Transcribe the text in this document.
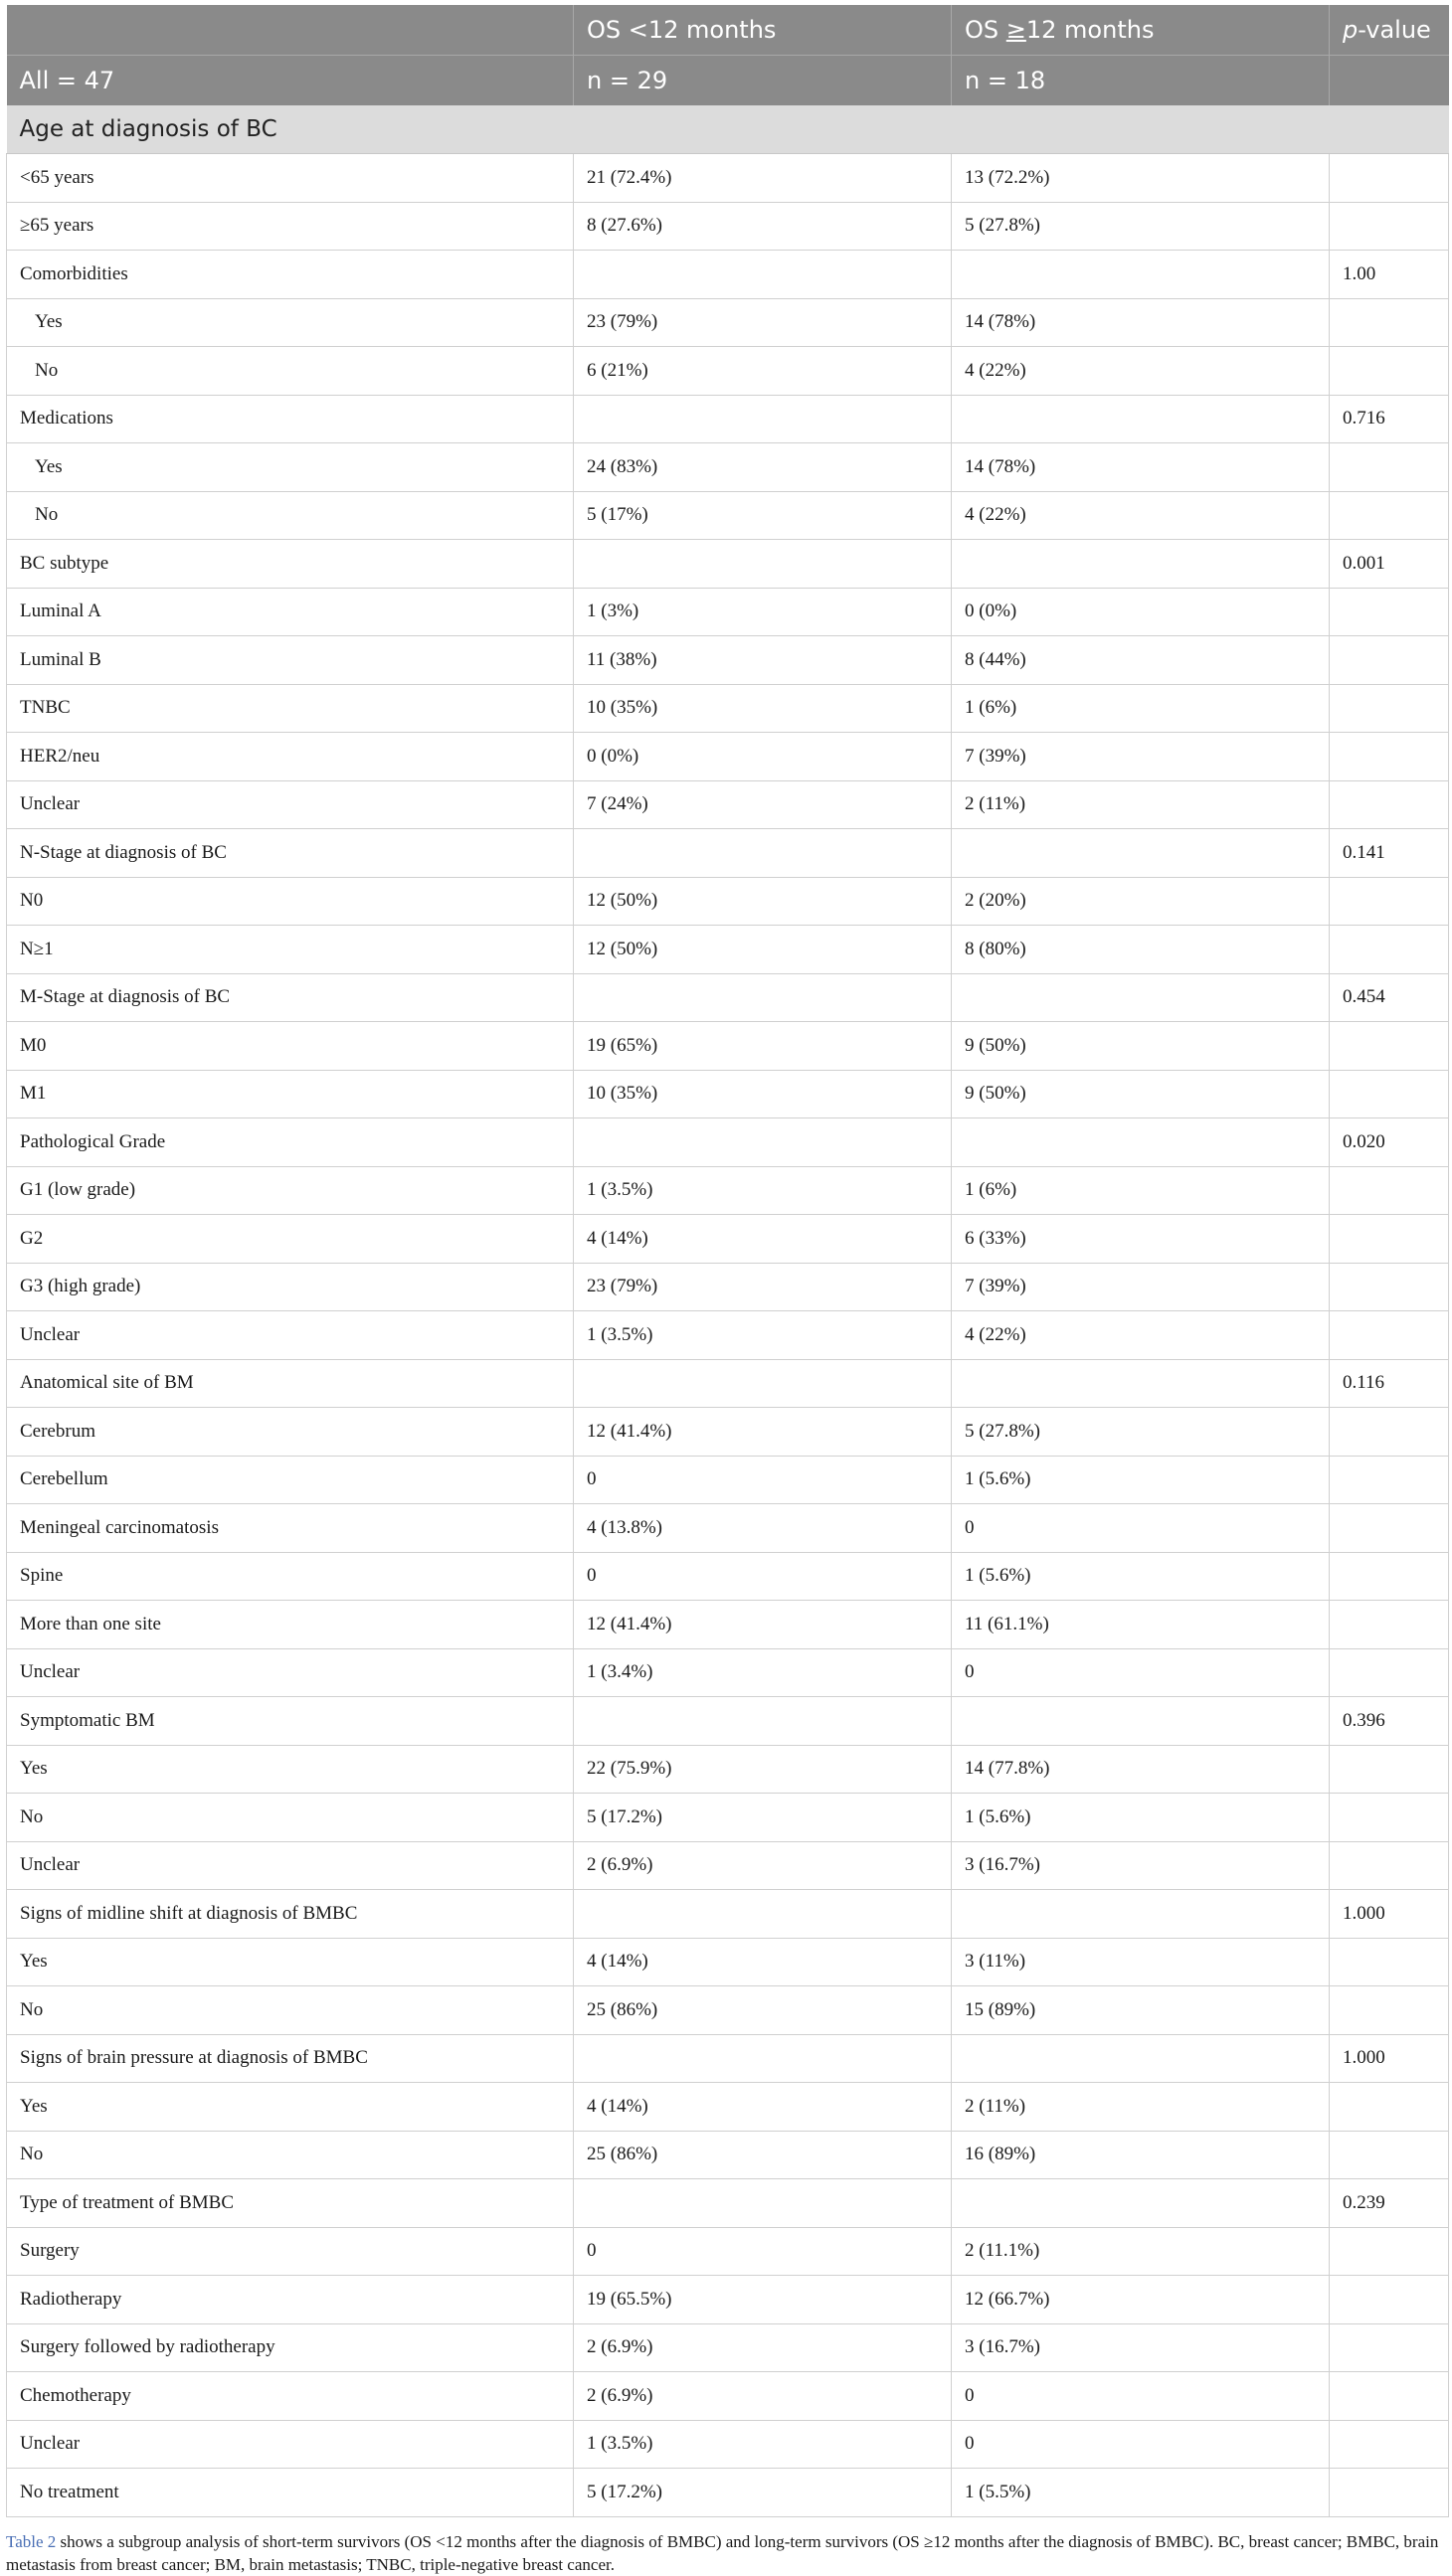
	OS <12 months	OS ≥12 months	p-value
All = 47	n = 29	n = 18	
Age at diagnosis of BC			
<65 years	21 (72.4%)	13 (72.2%)	
≥65 years	8 (27.6%)	5 (27.8%)	
Comorbidities			1.00
Yes	23 (79%)	14 (78%)	
No	6 (21%)	4 (22%)	
Medications			0.716
Yes	24 (83%)	14 (78%)	
No	5 (17%)	4 (22%)	
BC subtype			0.001
Luminal A	1 (3%)	0 (0%)	
Luminal B	11 (38%)	8 (44%)	
TNBC	10 (35%)	1 (6%)	
HER2/neu	0 (0%)	7 (39%)	
Unclear	7 (24%)	2 (11%)	
N-Stage at diagnosis of BC			0.141
N0	12 (50%)	2 (20%)	
N≥1	12 (50%)	8 (80%)	
M-Stage at diagnosis of BC			0.454
M0	19 (65%)	9 (50%)	
M1	10 (35%)	9 (50%)	
Pathological Grade			0.020
G1 (low grade)	1 (3.5%)	1 (6%)	
G2	4 (14%)	6 (33%)	
G3 (high grade)	23 (79%)	7 (39%)	
Unclear	1 (3.5%)	4 (22%)	
Anatomical site of BM			0.116
Cerebrum	12 (41.4%)	5 (27.8%)	
Cerebellum	0	1 (5.6%)	
Meningeal carcinomatosis	4 (13.8%)	0	
Spine	0	1 (5.6%)	
More than one site	12 (41.4%)	11 (61.1%)	
Unclear	1 (3.4%)	0	
Symptomatic BM			0.396
Yes	22 (75.9%)	14 (77.8%)	
No	5 (17.2%)	1 (5.6%)	
Unclear	2 (6.9%)	3 (16.7%)	
Signs of midline shift at diagnosis of BMBC			1.000
Yes	4 (14%)	3 (11%)	
No	25 (86%)	15 (89%)	
Signs of brain pressure at diagnosis of BMBC			1.000
Yes	4 (14%)	2 (11%)	
No	25 (86%)	16 (89%)	
Type of treatment of BMBC			0.239
Surgery	0	2 (11.1%)	
Radiotherapy	19 (65.5%)	12 (66.7%)	
Surgery followed by radiotherapy	2 (6.9%)	3 (16.7%)	
Chemotherapy	2 (6.9%)	0	
Unclear	1 (3.5%)	0	
No treatment	5 (17.2%)	1 (5.5%)	

Table 2 shows a subgroup analysis of short-term survivors (OS <12 months after the diagnosis of BMBC) and long-term survivors (OS ≥12 months after the diagnosis of BMBC). BC, breast cancer; BMBC, brain metastasis from breast cancer; BM, brain metastasis; TNBC, triple-negative breast cancer.
